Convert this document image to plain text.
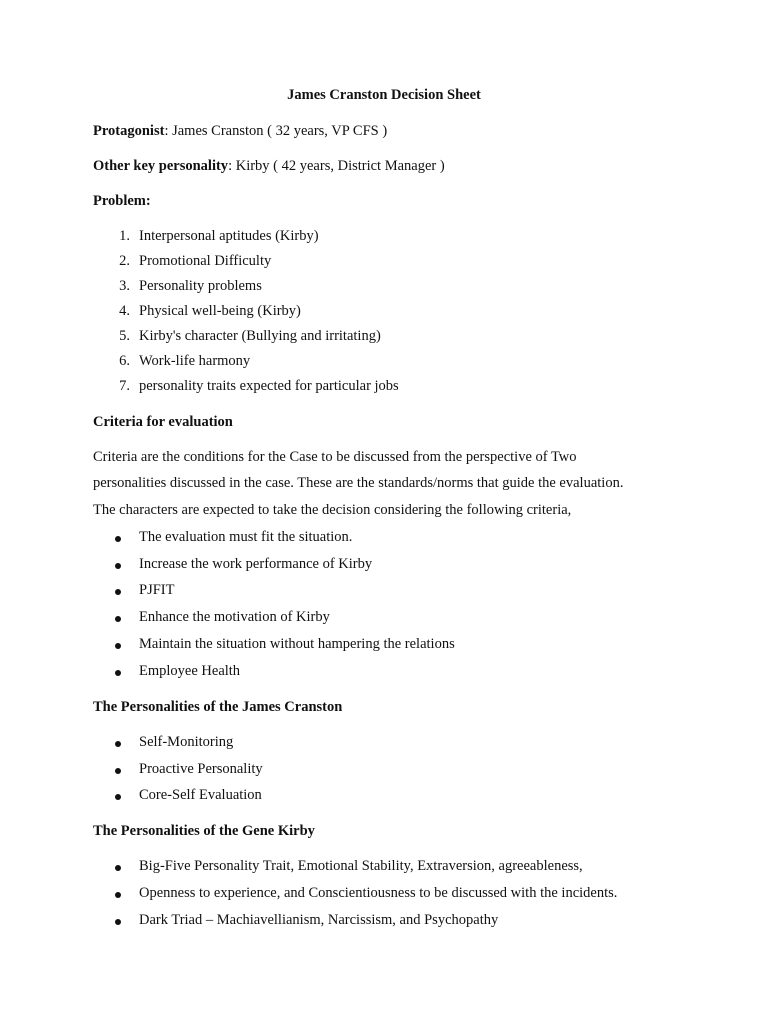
James Cranston Decision Sheet
Protagonist: James Cranston ( 32 years, VP CFS )
Other key personality: Kirby ( 42 years, District Manager )
Problem:
1. Interpersonal aptitudes (Kirby)
2. Promotional Difficulty
3. Personality problems
4. Physical well-being (Kirby)
5. Kirby's character (Bullying and irritating)
6. Work-life harmony
7. personality traits expected for particular jobs
Criteria for evaluation
Criteria are the conditions for the Case to be discussed from the perspective of Two
personalities discussed in the case. These are the standards/norms that guide the evaluation.
The characters are expected to take the decision considering the following criteria,
The evaluation must fit the situation.
Increase the work performance of Kirby
PJFIT
Enhance the motivation of Kirby
Maintain the situation without hampering the relations
Employee Health
The Personalities of the James Cranston
Self-Monitoring
Proactive Personality
Core-Self Evaluation
The Personalities of the Gene Kirby
Big-Five Personality Trait, Emotional Stability, Extraversion, agreeableness,
Openness to experience, and Conscientiousness to be discussed with the incidents.
Dark Triad – Machiavellianism, Narcissism, and Psychopathy
